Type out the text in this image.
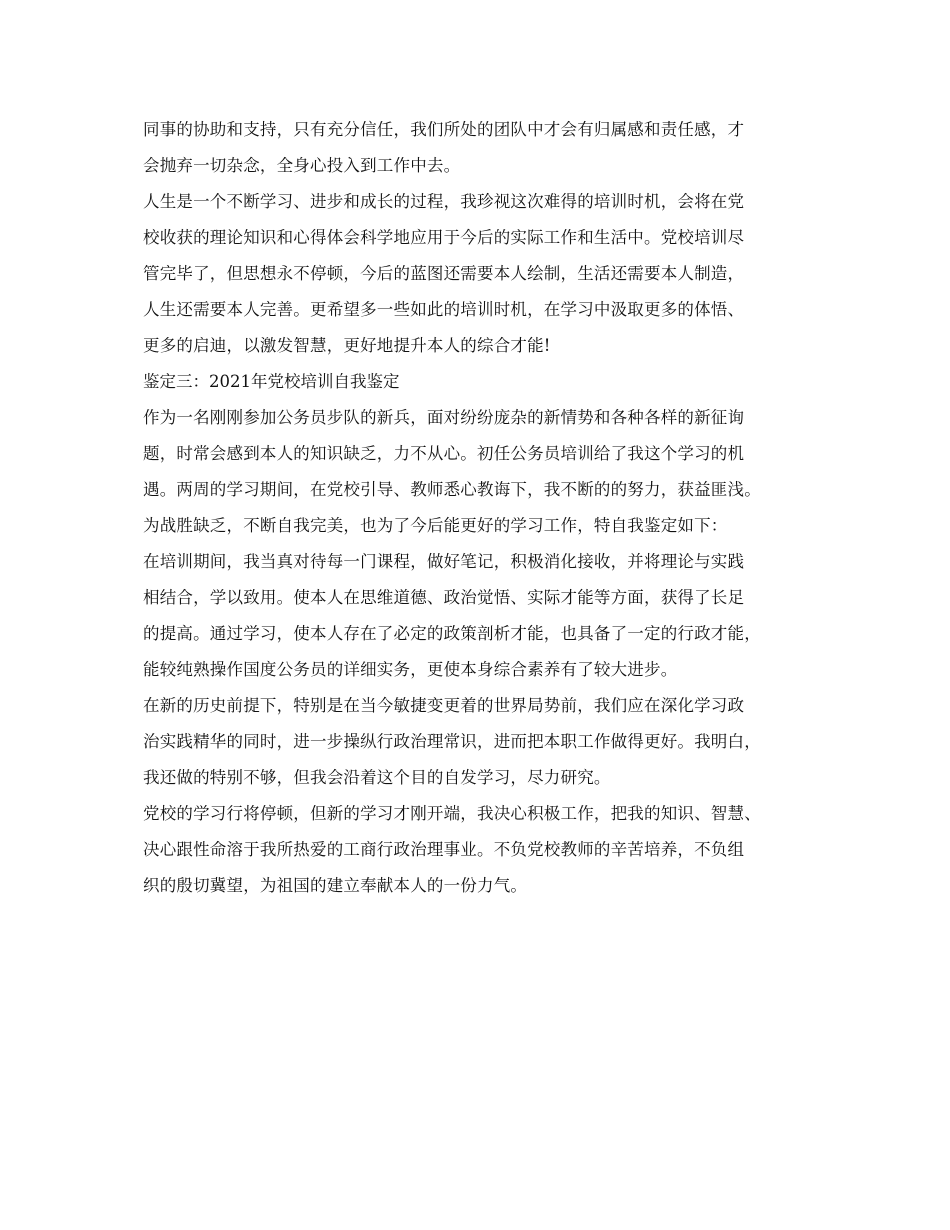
同事的协助和支持，只有充分信任，我们所处的团队中才会有归属感和责任感，才
会抛弃一切杂念，全身心投入到工作中去。
人生是一个不断学习、进步和成长的过程，我珍视这次难得的培训时机，会将在党
校收获的理论知识和心得体会科学地应用于今后的实际工作和生活中。党校培训尽
管完毕了，但思想永不停顿，今后的蓝图还需要本人绘制，生活还需要本人制造，
人生还需要本人完善。更希望多一些如此的培训时机，在学习中汲取更多的体悟、
更多的启迪，以激发智慧，更好地提升本人的综合才能!
鉴定三：2021年党校培训自我鉴定
作为一名刚刚参加公务员步队的新兵，面对纷纷庞杂的新情势和各种各样的新征询
题，时常会感到本人的知识缺乏，力不从心。初任公务员培训给了我这个学习的机
遇。两周的学习期间，在党校引导、教师悉心教诲下，我不断的的努力，获益匪浅。
为战胜缺乏，不断自我完美，也为了今后能更好的学习工作，特自我鉴定如下：
在培训期间，我当真对待每一门课程，做好笔记，积极消化接收，并将理论与实践
相结合，学以致用。使本人在思维道德、政治觉悟、实际才能等方面，获得了长足
的提高。通过学习，使本人存在了必定的政策剖析才能，也具备了一定的行政才能，
能较纯熟操作国度公务员的详细实务，更使本身综合素养有了较大进步。
在新的历史前提下，特别是在当今敏捷变更着的世界局势前，我们应在深化学习政
治实践精华的同时，进一步操纵行政治理常识，进而把本职工作做得更好。我明白，
我还做的特别不够，但我会沿着这个目的自发学习，尽力研究。
党校的学习行将停顿，但新的学习才刚开端，我决心积极工作，把我的知识、智慧、
决心跟性命溶于我所热爱的工商行政治理事业。不负党校教师的辛苦培养，不负组
织的殷切冀望，为祖国的建立奉献本人的一份力气。
